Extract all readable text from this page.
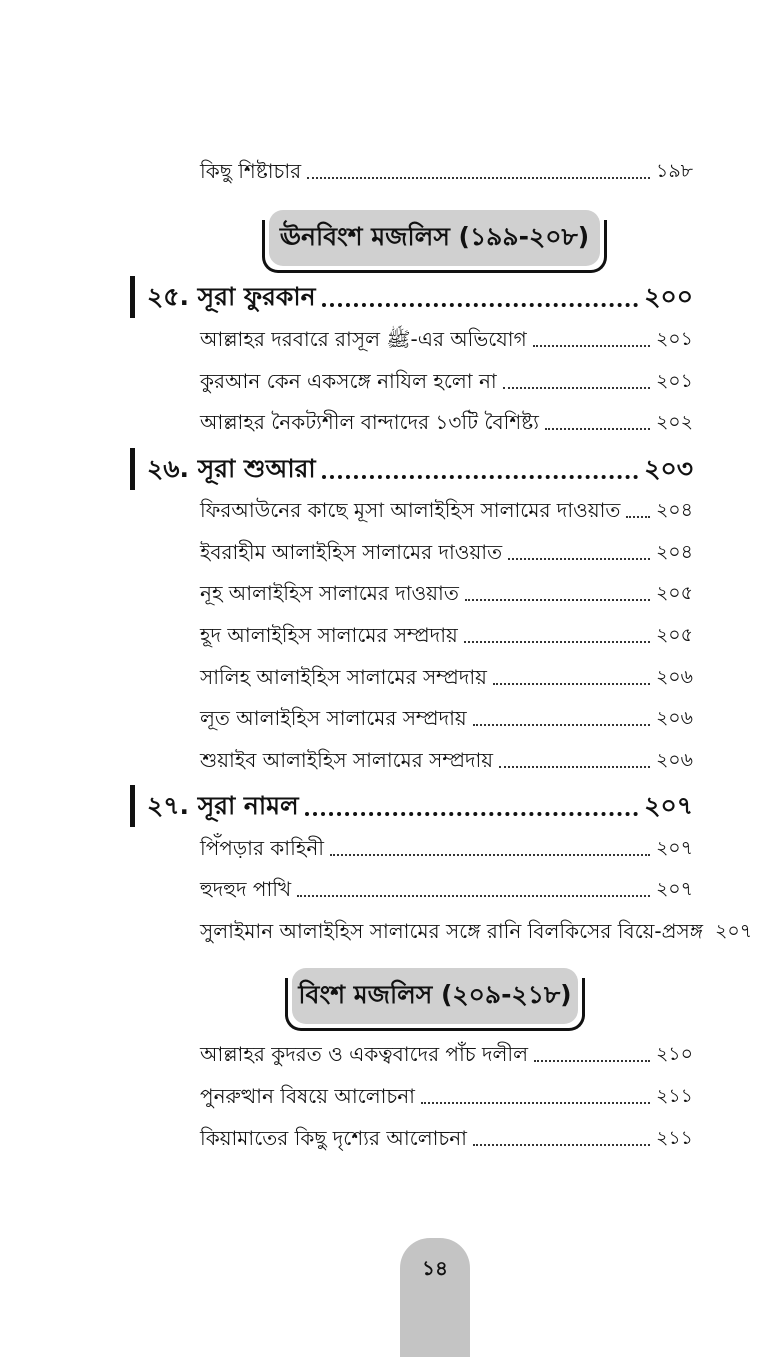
কিছু শিষ্টাচার	১৯৮
ঊনবিংশ মজলিস (১৯৯-২০৮)
২৫. সূরা ফুরকান	২০০
আল্লাহর দরবারে রাসূল ﷺ-এর অভিযোগ	২০১
কুরআন কেন একসঙ্গে নাযিল হলো না	২০১
আল্লাহর নৈকট্যশীল বান্দাদের ১৩টি বৈশিষ্ট্য	২০২
২৬. সূরা শুআরা	২০৩
ফিরআউনের কাছে মূসা আলাইহিস সালামের দাওয়াত ২০৪
ইবরাহীম আলাইহিস সালামের দাওয়াত	২০৪
নূহ আলাইহিস সালামের দাওয়াত	২০৫
হূদ আলাইহিস সালামের সম্প্রদায়	২০৫
সালিহ আলাইহিস সালামের সম্প্রদায়	২০৬
লূত আলাইহিস সালামের সম্প্রদায়	২০৬
শুয়াইব আলাইহিস সালামের সম্প্রদায়	২০৬
২৭. সূরা নামল	২০৭
পিঁপড়ার কাহিনী	২০৭
হুদহুদ পাখি	২০৭
সুলাইমান আলাইহিস সালামের সঙ্গে রানি বিলকিসের বিয়ে-প্রসঙ্গ ২০৭
বিংশ মজলিস (২০৯-২১৮)
আল্লাহর কুদরত ও একত্ববাদের পাঁচ দলীল	২১০
পুনরুত্থান বিষয়ে আলোচনা	২১১
কিয়ামাতের কিছু দৃশ্যের আলোচনা	২১১
১৪
